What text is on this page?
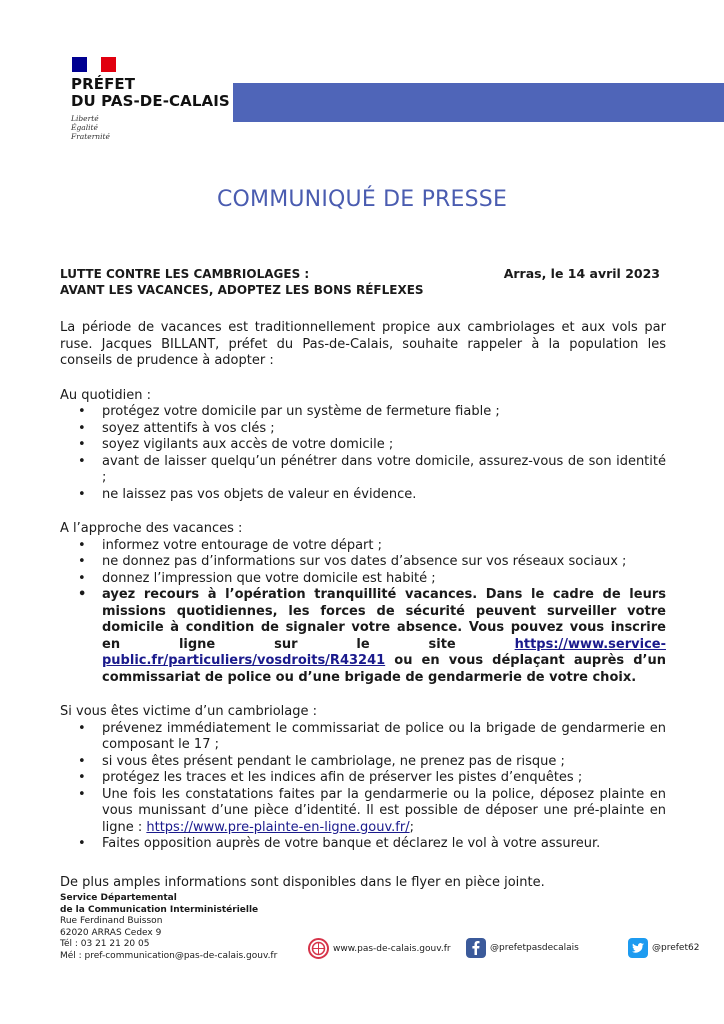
PRÉFET
DU PAS-DE-CALAIS
Liberté
Égalité
Fraternité
COMMUNIQUÉ DE PRESSE
LUTTE CONTRE LES CAMBRIOLAGES :
AVANT LES VACANCES, ADOPTEZ LES BONS RÉFLEXES
Arras, le 14 avril 2023

La période de vacances est traditionnellement propice aux cambriolages et aux vols par ruse. Jacques BILLANT, préfet du Pas-de-Calais, souhaite rappeler à la population les conseils de prudence à adopter :

Au quotidien :

• protégez votre domicile par un système de fermeture fiable ;
• soyez attentifs à vos clés ;
• soyez vigilants aux accès de votre domicile ;
• avant de laisser quelqu’un pénétrer dans votre domicile, assurez-vous de son identité ;
• ne laissez pas vos objets de valeur en évidence.

A l’approche des vacances :

• informez votre entourage de votre départ ;
• ne donnez pas d’informations sur vos dates d’absence sur vos réseaux sociaux ;
• donnez l’impression que votre domicile est habité ;
• ayez recours à l’opération tranquillité vacances. Dans le cadre de leurs missions quotidiennes, les forces de sécurité peuvent surveiller votre domicile à condition de signaler votre absence. Vous pouvez vous inscrire en ligne sur le site	https://www.service-public.fr/particuliers/vosdroits/R43241 ou en vous déplaçant auprès d’un commissariat de police ou d’une brigade de gendarmerie de votre choix.

Si vous êtes victime d’un cambriolage :

• prévenez immédiatement le commissariat de police ou la brigade de gendarmerie en composant le 17 ;
• si vous êtes présent pendant le cambriolage, ne prenez pas de risque ;
• protégez les traces et les indices afin de préserver les pistes d’enquêtes ;
• Une fois les constatations faites par la gendarmerie ou la police, déposez plainte en vous munissant d’une pièce d’identité. Il est possible de déposer une pré-plainte en ligne : https://www.pre-plainte-en-ligne.gouv.fr/;
• Faites opposition auprès de votre banque et déclarez le vol à votre assureur.

De plus amples informations sont disponibles dans le flyer en pièce jointe.

Service Départemental
de la Communication Interministérielle
Rue Ferdinand Buisson
62020 ARRAS Cedex 9
Tél : 03 21 21 20 05
Mél : pref-communication@pas-de-calais.gouv.fr
www.pas-de-calais.gouv.fr	@prefetpasdecalais	@prefet62
